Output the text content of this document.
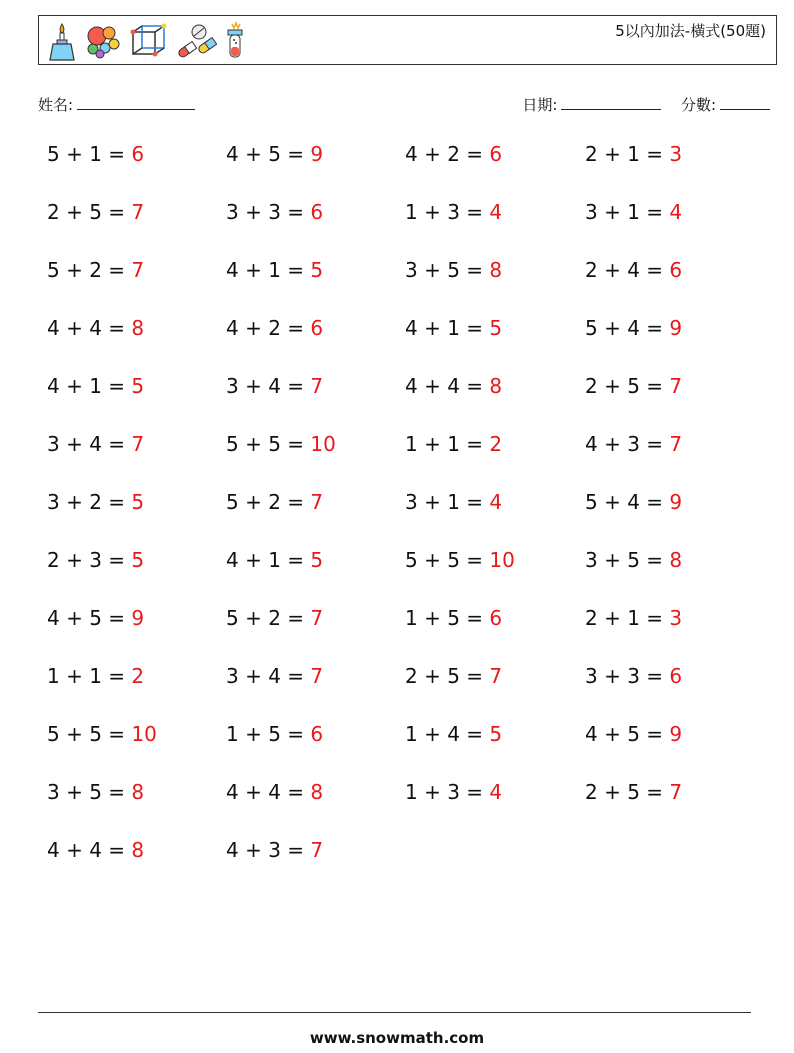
5以內加法-橫式(50題)
姓名:	日期:	分數:
5 + 1 = 6	4 + 5 = 9	4 + 2 = 6	2 + 1 = 3
2 + 5 = 7	3 + 3 = 6	1 + 3 = 4	3 + 1 = 4
5 + 2 = 7	4 + 1 = 5	3 + 5 = 8	2 + 4 = 6
4 + 4 = 8	4 + 2 = 6	4 + 1 = 5	5 + 4 = 9
4 + 1 = 5	3 + 4 = 7	4 + 4 = 8	2 + 5 = 7
3 + 4 = 7	5 + 5 = 10	1 + 1 = 2	4 + 3 = 7
3 + 2 = 5	5 + 2 = 7	3 + 1 = 4	5 + 4 = 9
2 + 3 = 5	4 + 1 = 5	5 + 5 = 10	3 + 5 = 8
4 + 5 = 9	5 + 2 = 7	1 + 5 = 6	2 + 1 = 3
1 + 1 = 2	3 + 4 = 7	2 + 5 = 7	3 + 3 = 6
5 + 5 = 10	1 + 5 = 6	1 + 4 = 5	4 + 5 = 9
3 + 5 = 8	4 + 4 = 8	1 + 3 = 4	2 + 5 = 7
4 + 4 = 8	4 + 3 = 7
www.snowmath.com
